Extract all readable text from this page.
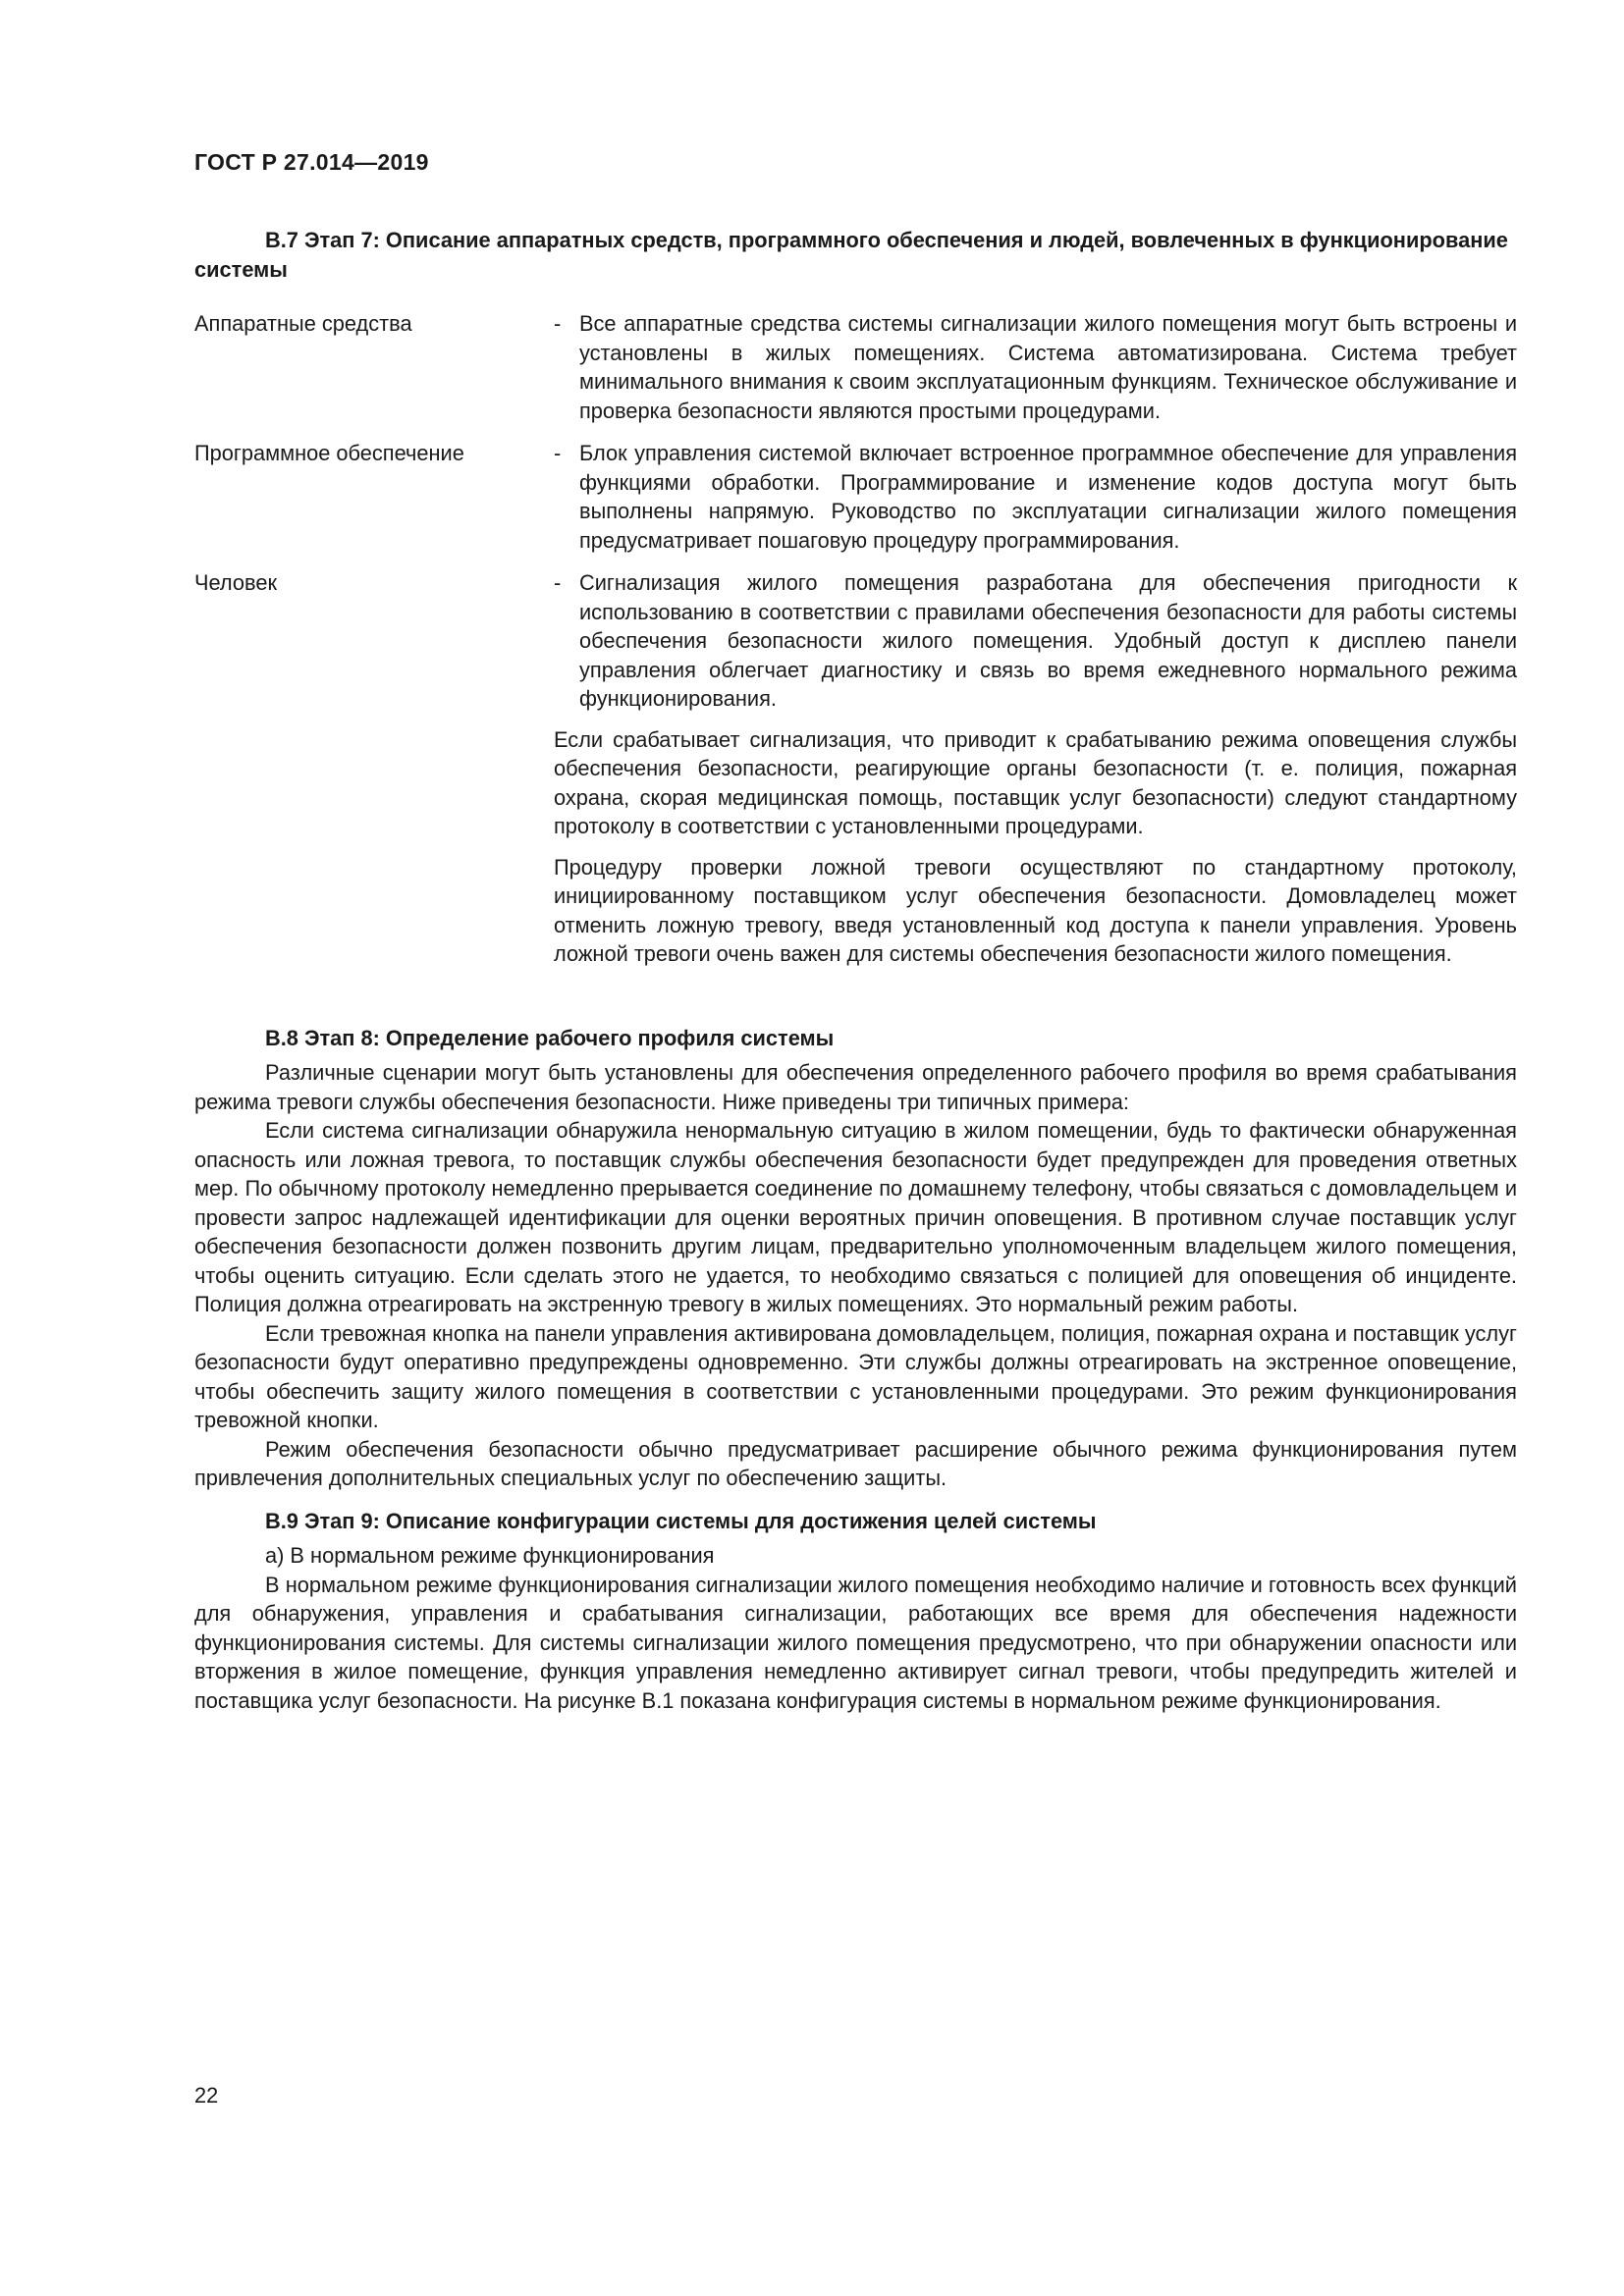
ГОСТ Р 27.014—2019

В.7 Этап 7: Описание аппаратных средств, программного обеспечения и людей, вовлеченных в функционирование системы

Аппаратные средства	- Все аппаратные средства системы сигнализации жилого помещения могут быть встроены и установлены в жилых помещениях. Система автоматизирована. Система требует минимального внимания к своим эксплуатационным функциям. Техническое обслуживание и проверка безопасности являются простыми процедурами.
Программное обеспечение	- Блок управления системой включает встроенное программное обеспечение для управления функциями обработки. Программирование и изменение кодов доступа могут быть выполнены напрямую. Руководство по эксплуатации сигнализации жилого помещения предусматривает пошаговую процедуру программирования.
Человек	- Сигнализация жилого помещения разработана для обеспечения пригодности к использованию в соответствии с правилами обеспечения безопасности для работы системы обеспечения безопасности жилого помещения. Удобный доступ к дисплею панели управления облегчает диагностику и связь во время ежедневного нормального режима функционирования.

Если срабатывает сигнализация, что приводит к срабатыванию режима оповещения службы обеспечения безопасности, реагирующие органы безопасности (т. е. полиция, пожарная охрана, скорая медицинская помощь, поставщик услуг безопасности) следуют стандартному протоколу в соответствии с установленными процедурами.

Процедуру проверки ложной тревоги осуществляют по стандартному протоколу, инициированному поставщиком услуг обеспечения безопасности. Домовладелец может отменить ложную тревогу, введя установленный код доступа к панели управления. Уровень ложной тревоги очень важен для системы обеспечения безопасности жилого помещения.

В.8 Этап 8: Определение рабочего профиля системы

Различные сценарии могут быть установлены для обеспечения определенного рабочего профиля во время срабатывания режима тревоги службы обеспечения безопасности. Ниже приведены три типичных примера:

Если система сигнализации обнаружила ненормальную ситуацию в жилом помещении, будь то фактически обнаруженная опасность или ложная тревога, то поставщик службы обеспечения безопасности будет предупрежден для проведения ответных мер. По обычному протоколу немедленно прерывается соединение по домашнему телефону, чтобы связаться с домовладельцем и провести запрос надлежащей идентификации для оценки вероятных причин оповещения. В противном случае поставщик услуг обеспечения безопасности должен позвонить другим лицам, предварительно уполномоченным владельцем жилого помещения, чтобы оценить ситуацию. Если сделать этого не удается, то необходимо связаться с полицией для оповещения об инциденте. Полиция должна отреагировать на экстренную тревогу в жилых помещениях. Это нормальный режим работы.

Если тревожная кнопка на панели управления активирована домовладельцем, полиция, пожарная охрана и поставщик услуг безопасности будут оперативно предупреждены одновременно. Эти службы должны отреагировать на экстренное оповещение, чтобы обеспечить защиту жилого помещения в соответствии с установленными процедурами. Это режим функционирования тревожной кнопки.

Режим обеспечения безопасности обычно предусматривает расширение обычного режима функционирования путем привлечения дополнительных специальных услуг по обеспечению защиты.

В.9 Этап 9: Описание конфигурации системы для достижения целей системы

а) В нормальном режиме функционирования

В нормальном режиме функционирования сигнализации жилого помещения необходимо наличие и готовность всех функций для обнаружения, управления и срабатывания сигнализации, работающих все время для обеспечения надежности функционирования системы. Для системы сигнализации жилого помещения предусмотрено, что при обнаружении опасности или вторжения в жилое помещение, функция управления немедленно активирует сигнал тревоги, чтобы предупредить жителей и поставщика услуг безопасности. На рисунке В.1 показана конфигурация системы в нормальном режиме функционирования.

22
